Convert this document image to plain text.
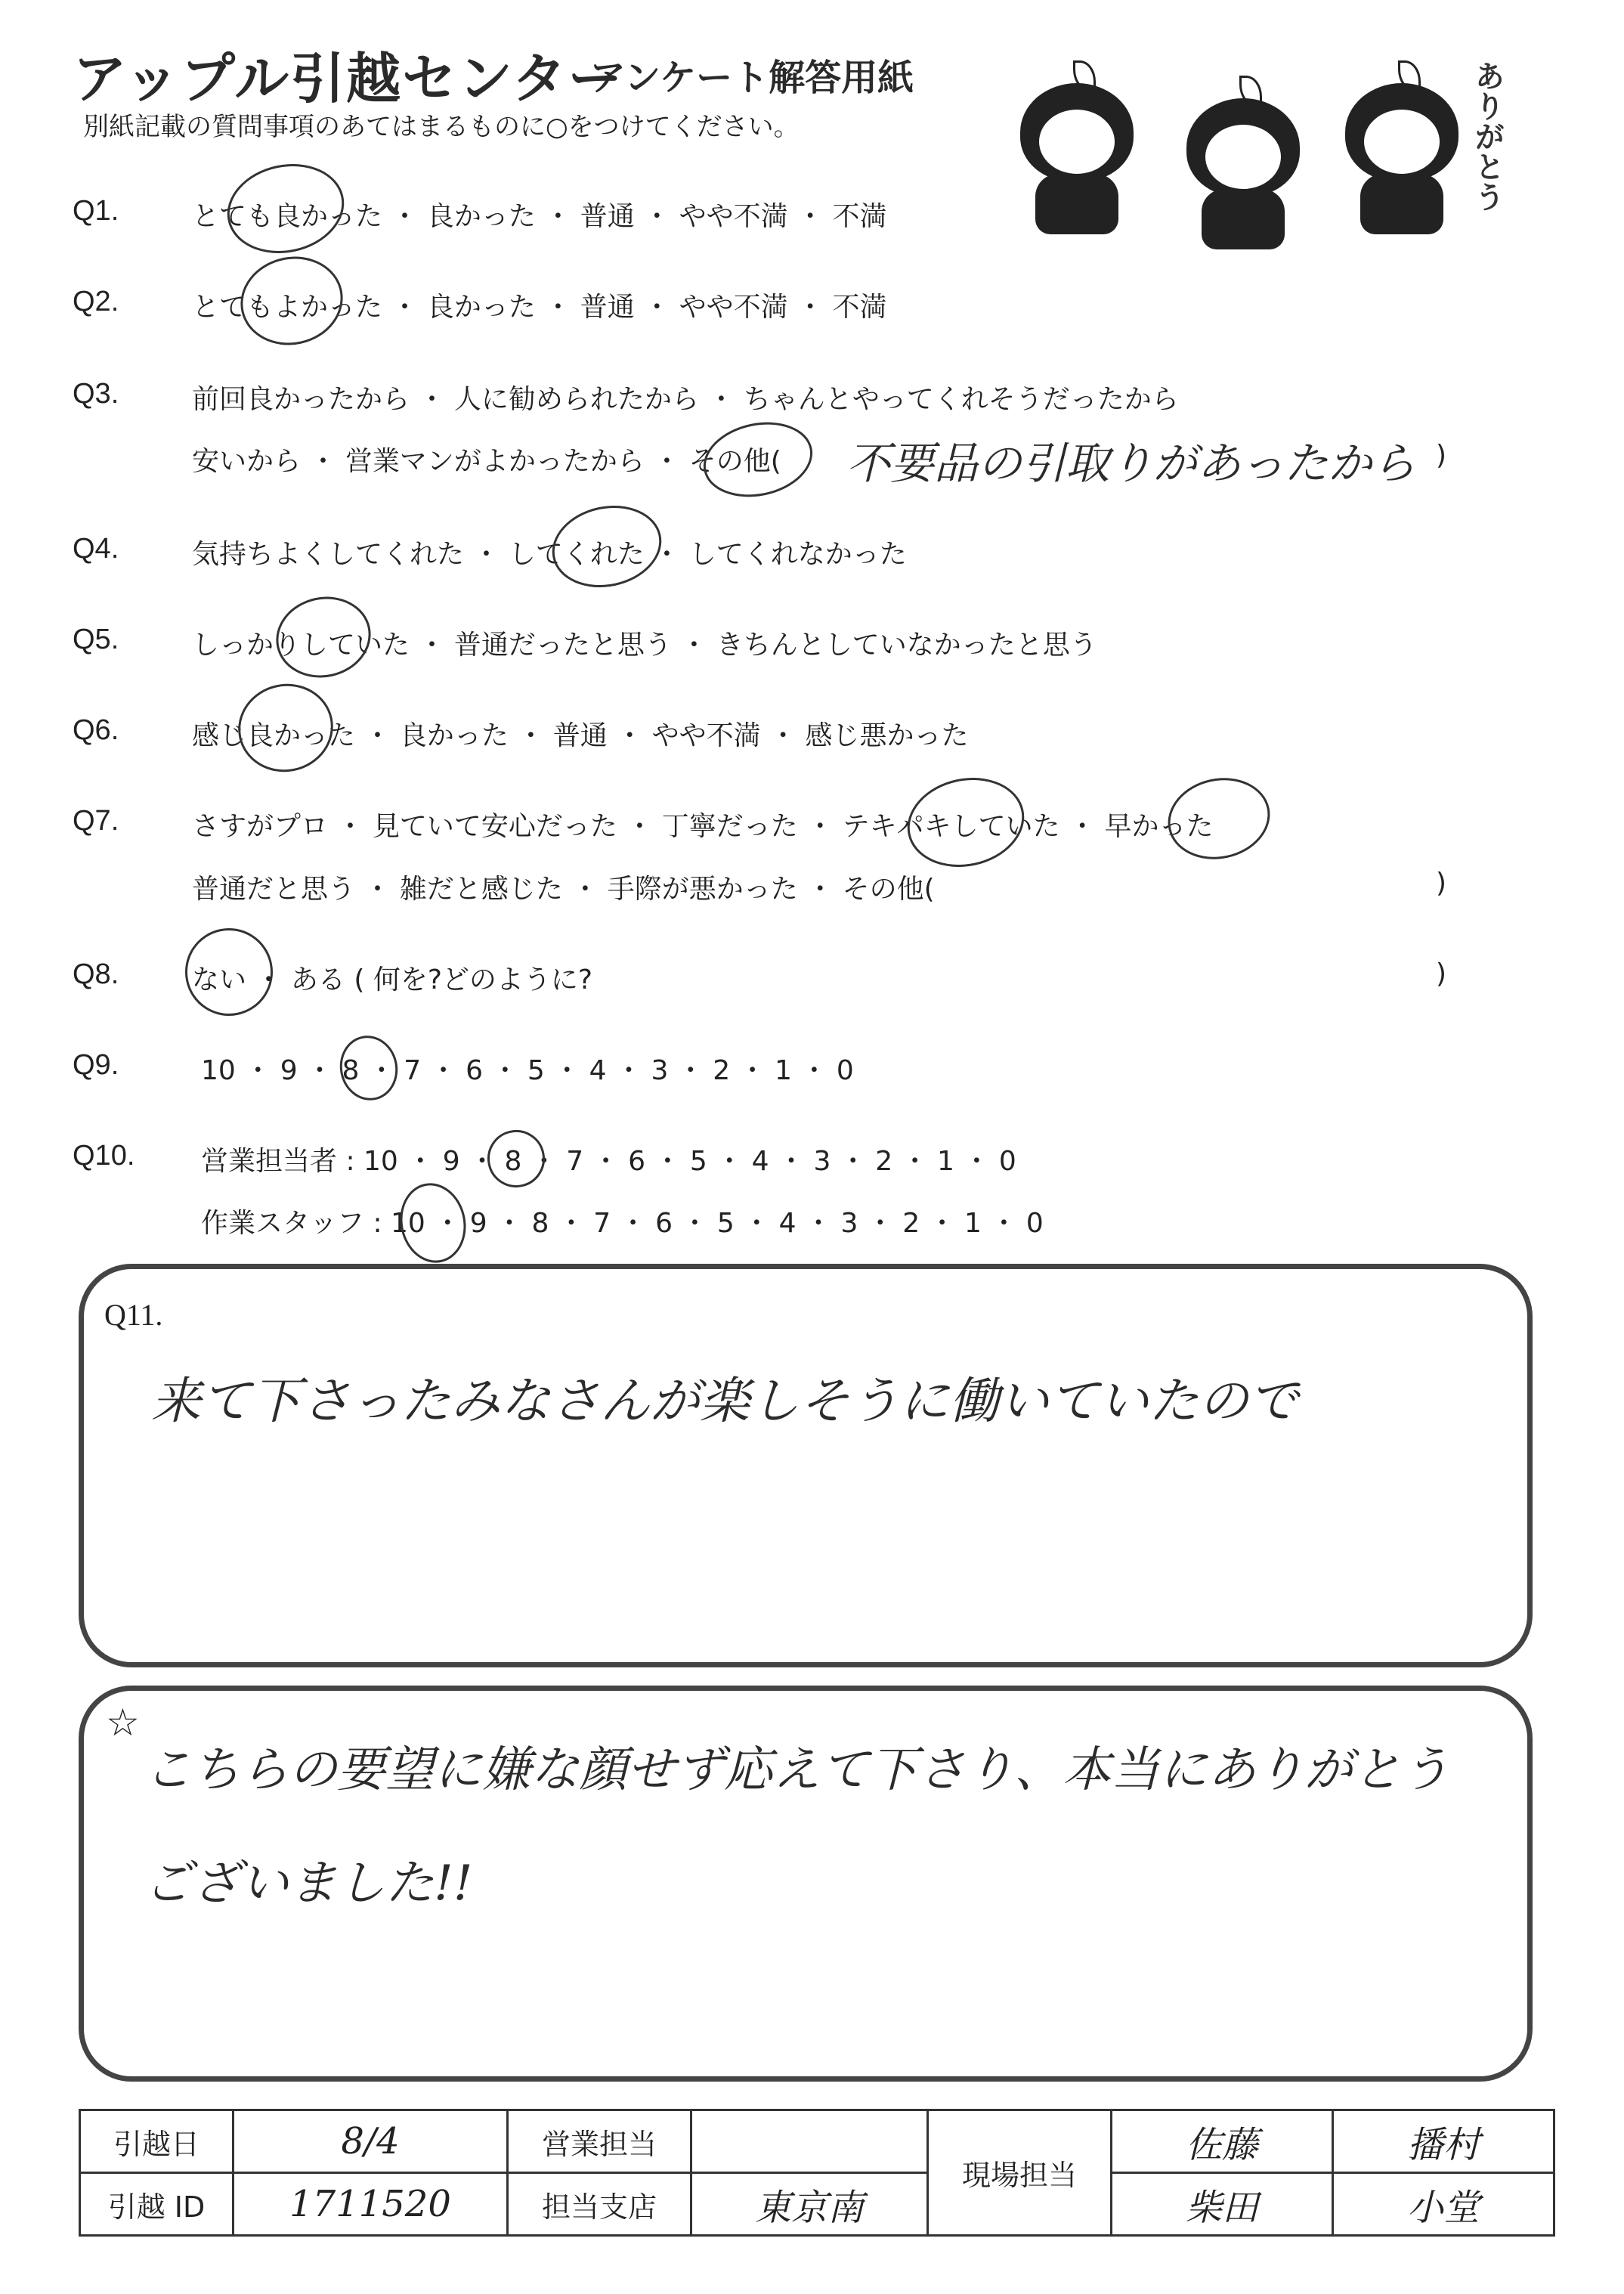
アップル引越センター
アンケート解答用紙
別紙記載の質問事項のあてはまるものに○をつけてください。	ありがとう
Q1.	とても良かった ・ 良かった ・ 普通 ・ やや不満 ・ 不満
Q2.	とてもよかった ・ 良かった ・ 普通 ・ やや不満 ・ 不満
Q3.	前回良かったから ・ 人に勧められたから ・ ちゃんとやってくれそうだったから
安いから ・ 営業マンがよかったから ・ その他( 不要品の引取りがあったから )
Q4.	気持ちよくしてくれた ・ してくれた ・ してくれなかった
Q5.	しっかりしていた ・ 普通だったと思う ・ きちんとしていなかったと思う
Q6.	感じ良かった ・ 良かった ・ 普通 ・ やや不満 ・ 感じ悪かった
Q7.	さすがプロ ・ 見ていて安心だった ・ 丁寧だった ・ テキパキしていた ・ 早かった
普通だと思う ・ 雑だと感じた ・ 手際が悪かった ・ その他(	)
Q8.	ない ・ ある ( 何を?どのように?	)
Q9.	10 ・ 9 ・ 8 ・ 7 ・ 6 ・ 5 ・ 4 ・ 3 ・ 2 ・ 1 ・ 0
Q10. 営業担当者 : 10 ・ 9 ・ 8 ・ 7 ・ 6 ・ 5 ・ 4 ・ 3 ・ 2 ・ 1 ・ 0
作業スタッフ : 10 ・ 9 ・ 8 ・ 7 ・ 6 ・ 5 ・ 4 ・ 3 ・ 2 ・ 1 ・ 0
Q11.
来て下さったみなさんが楽しそうに働いていたので
☆
こちらの要望に嫌な顔せず応えて下さり、本当にありがとう
ございました!!
引越日	8/4	営業担当		現場担当	佐藤	播村
引越 ID	1711520	担当支店	東京南		柴田	小堂
